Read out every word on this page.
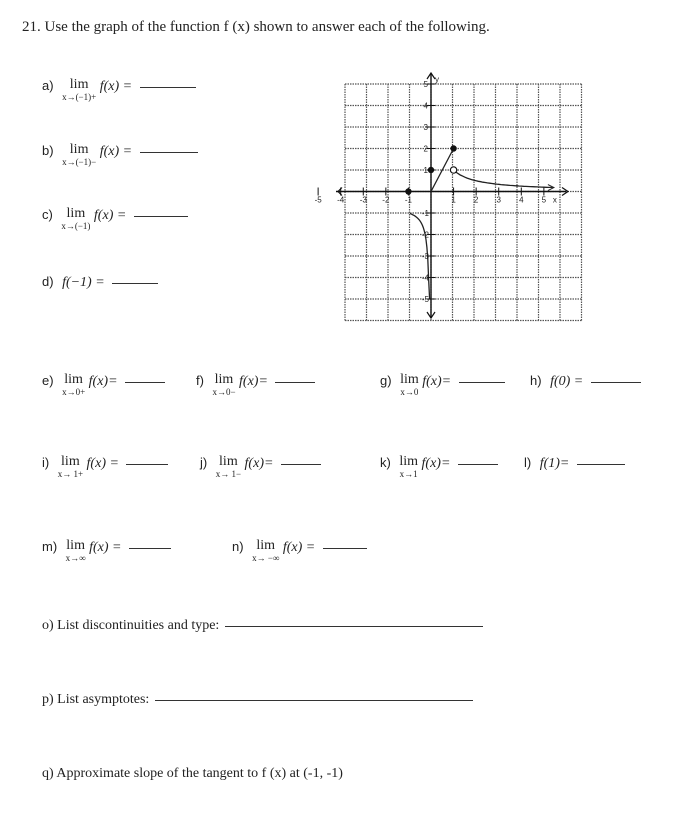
21. Use the graph of the function f (x) shown to answer each of the following.
a)	lim
x→(−1)+
f(x) =
b)	lim
x→(−1)−
f(x) =
c) lim
x→(−1)
f(x) =
d) f(−1) =
-5 -4 -3 -2 -1	1 2 3 4 5 x
5
4
3
2
1
-1
-2
-3
-4
-5
y
e) lim
x→0+
f(x)=	f) lim
x→0−
f(x)=	g) lim
x→0
f(x)=	h) f(0) =
i) lim
x→ 1+
f(x) =	j) lim
x→ 1−
f(x)=	k) lim
x→1
f(x)=	l) f(1)=
m) lim
x→∞
f(x) =	n) lim
x→ −∞
f(x) =
o) List discontinuities and type:
p) List asymptotes:
q) Approximate slope of the tangent to f (x) at (-1, -1)
